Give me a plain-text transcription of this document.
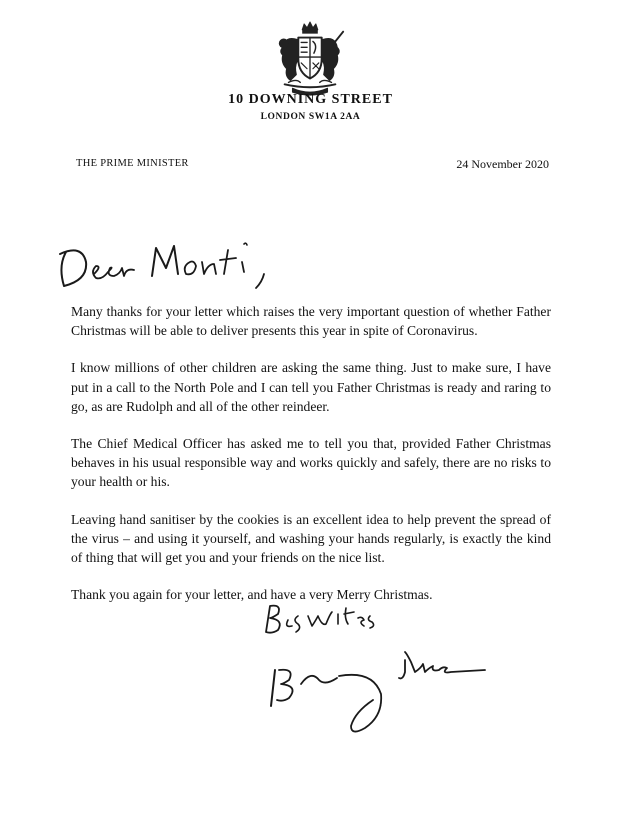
10 DOWNING STREET
LONDON SW1A 2AA
THE PRIME MINISTER	24 November 2020

Many thanks for your letter which raises the very important question of whether Father Christmas will be able to deliver presents this year in spite of Coronavirus.

I know millions of other children are asking the same thing. Just to make sure, I have put in a call to the North Pole and I can tell you Father Christmas is ready and raring to go, as are Rudolph and all of the other reindeer.

The Chief Medical Officer has asked me to tell you that, provided Father Christmas behaves in his usual responsible way and works quickly and safely, there are no risks to your health or his.

Leaving hand sanitiser by the cookies is an excellent idea to help prevent the spread of the virus – and using it yourself, and washing your hands regularly, is exactly the kind of thing that will get you and your friends on the nice list.

Thank you again for your letter, and have a very Merry Christmas.
